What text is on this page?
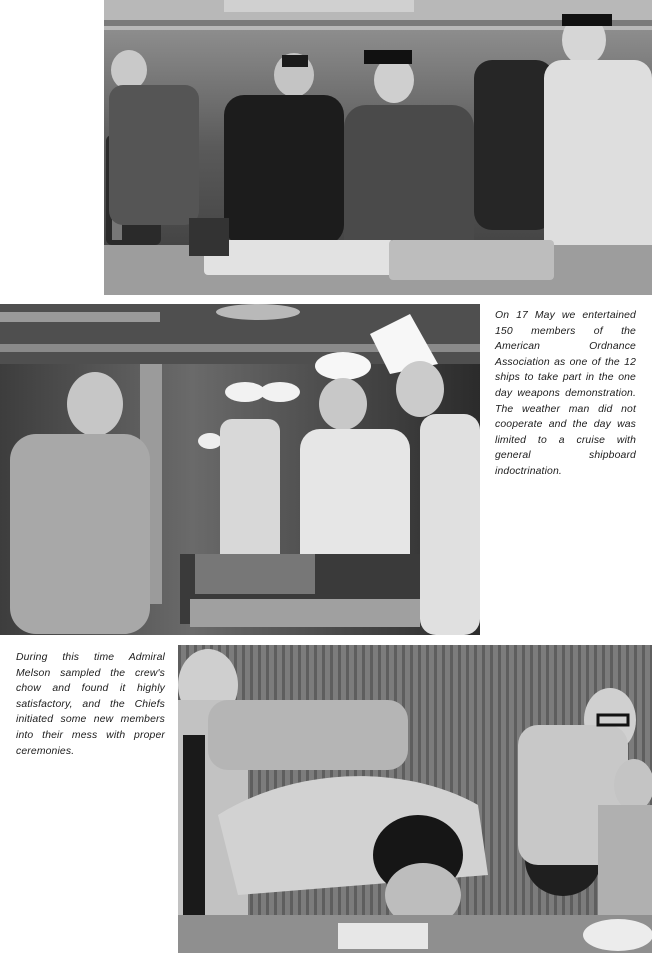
On 17 May we entertained 150 members of the American Ordnance Association as one of the 12 ships to take part in the one day weapons demonstration. The weather man did not cooperate and the day was limited to a cruise with general shipboard indoctrination.
During this time Admiral Melson sampled the crew's chow and found it highly satisfactory, and the Chiefs initiated some new members into their mess with proper ceremonies.
